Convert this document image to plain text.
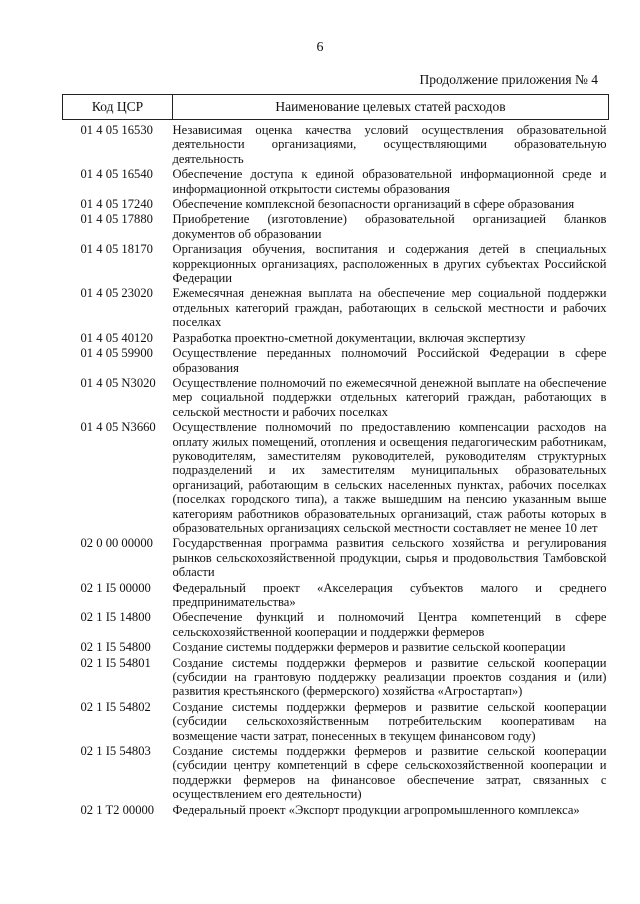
6
Продолжение приложения № 4
Код ЦСР	Наименование целевых статей расходов
01 4 05 16530	Независимая оценка качества условий осуществления образовательной деятельности организациями, осуществляющими образовательную деятельность
01 4 05 16540	Обеспечение доступа к единой образовательной информационной среде и информационной открытости системы образования
01 4 05 17240	Обеспечение комплексной безопасности организаций в сфере образования
01 4 05 17880	Приобретение (изготовление) образовательной организацией бланков документов об образовании
01 4 05 18170	Организация обучения, воспитания и содержания детей в специальных коррекционных организациях, расположенных в других субъектах Российской Федерации
01 4 05 23020	Ежемесячная денежная выплата на обеспечение мер социальной поддержки отдельных категорий граждан, работающих в сельской местности и рабочих поселках
01 4 05 40120	Разработка проектно-сметной документации, включая экспертизу
01 4 05 59900	Осуществление переданных полномочий Российской Федерации в сфере образования
01 4 05 N3020	Осуществление полномочий по ежемесячной денежной выплате на обеспечение мер социальной поддержки отдельных категорий граждан, работающих в сельской местности и рабочих поселках
01 4 05 N3660	Осуществление полномочий по предоставлению компенсации расходов на оплату жилых помещений, отопления и освещения педагогическим работникам, руководителям, заместителям руководителей, руководителям структурных подразделений и их заместителям муниципальных образовательных организаций, работающим в сельских населенных пунктах, рабочих поселках (поселках городского типа), а также вышедшим на пенсию указанным выше категориям работников образовательных организаций, стаж работы которых в образовательных организациях сельской местности составляет не менее 10 лет
02 0 00 00000	Государственная программа развития сельского хозяйства и регулирования рынков сельскохозяйственной продукции, сырья и продовольствия Тамбовской области
02 1 I5 00000	Федеральный проект «Акселерация субъектов малого и среднего предпринимательства»
02 1 I5 14800	Обеспечение функций и полномочий Центра компетенций в сфере сельскохозяйственной кооперации и поддержки фермеров
02 1 I5 54800	Создание системы поддержки фермеров и развитие сельской кооперации
02 1 I5 54801	Создание системы поддержки фермеров и развитие сельской кооперации (субсидии на грантовую поддержку реализации проектов создания и (или) развития крестьянского (фермерского) хозяйства «Агростартап»)
02 1 I5 54802	Создание системы поддержки фермеров и развитие сельской кооперации (субсидии сельскохозяйственным потребительским кооперативам на возмещение части затрат, понесенных в текущем финансовом году)
02 1 I5 54803	Создание системы поддержки фермеров и развитие сельской кооперации (субсидии центру компетенций в сфере сельскохозяйственной кооперации и поддержки фермеров на финансовое обеспечение затрат, связанных с осуществлением его деятельности)
02 1 T2 00000	Федеральный проект «Экспорт продукции агропромышленного комплекса»
